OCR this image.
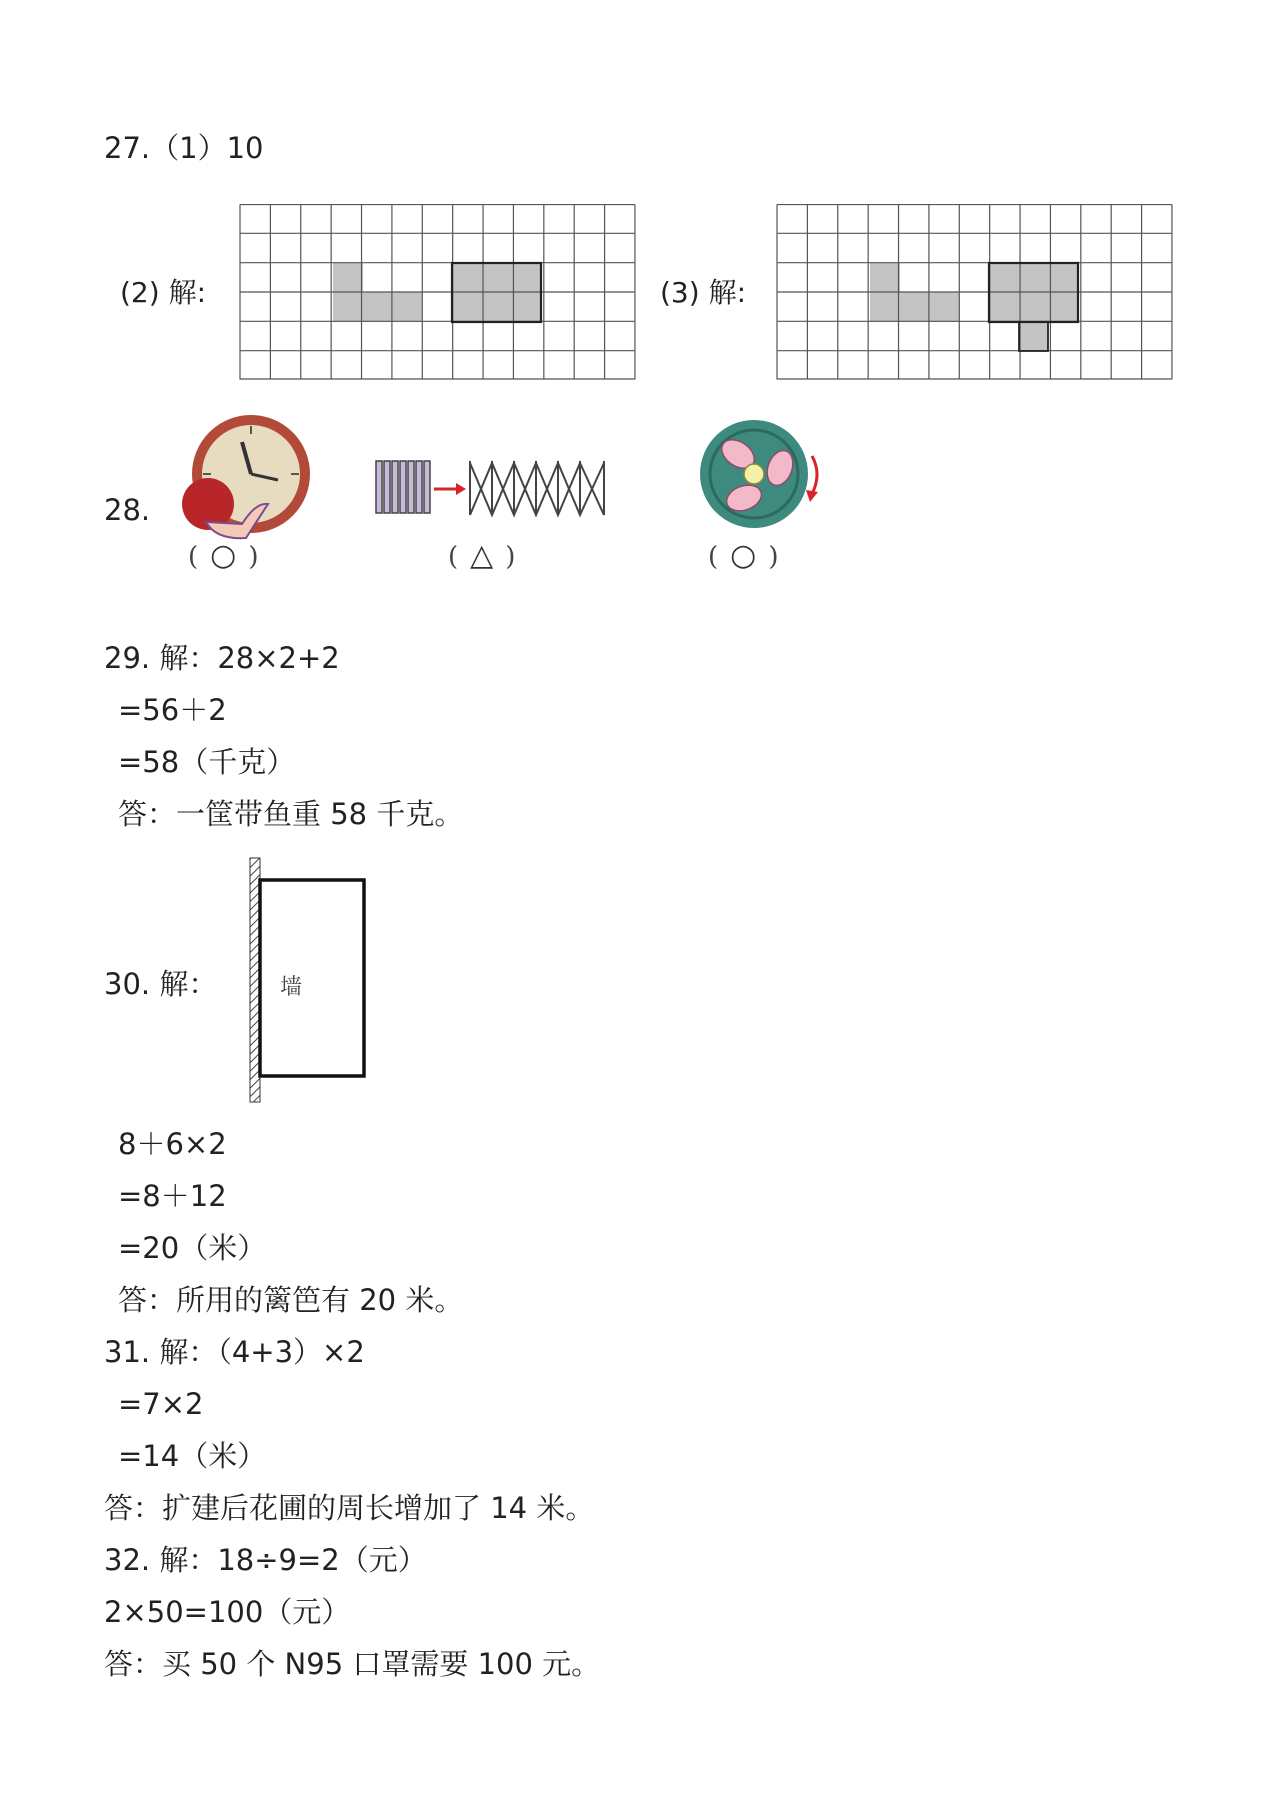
27.（1）10
(2) 解:	(3) 解:
28.
( ○ )	( △ )	( ○ )
29. 解：28×2+2
=56＋2
=58（千克）
答：一筐带鱼重 58 千克。
30. 解：	墙
8＋6×2
=8＋12
=20（米）
答：所用的篱笆有 20 米。
31. 解：（4+3）×2
=7×2
=14（米）
答：扩建后花圃的周长增加了 14 米。
32. 解：18÷9=2（元）
2×50=100（元）
答：买 50 个 N95 口罩需要 100 元。
